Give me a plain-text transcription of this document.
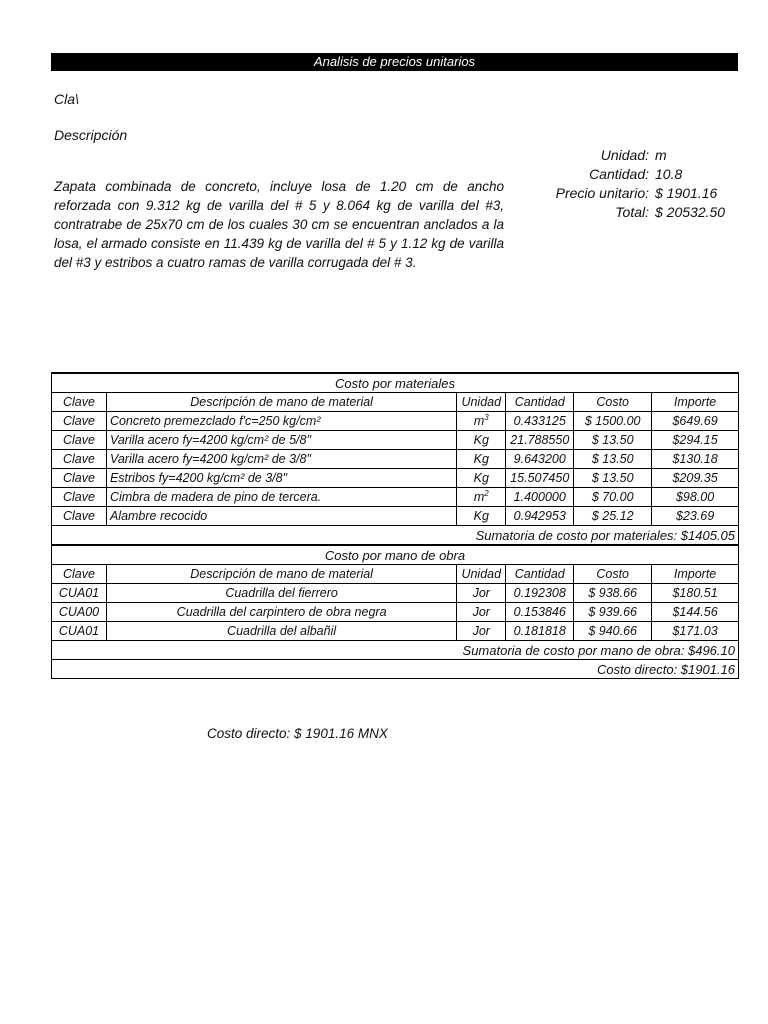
Analisis de precios unitarios
Cla\
Descripción
Zapata combinada de concreto, incluye losa de 1.20 cm de ancho reforzada con 9.312 kg de varilla del # 5 y 8.064 kg de varilla del #3, contratrabe de 25x70 cm de los cuales 30 cm se encuentran anclados a la losa, el armado consiste en 11.439 kg de varilla del # 5 y 1.12 kg de varilla del #3 y estribos a cuatro ramas de varilla corrugada del # 3.
Unidad: m
Cantidad: 10.8
Precio unitario: $ 1901.16
Total: $ 20532.50
Costo por materiales					
Clave	Descripción de mano de material	Unidad	Cantidad	Costo	Importe
Clave	Concreto premezclado f'c=250 kg/cm²	$m^3$	0.433125	$ 1500.00	$649.69
Clave	Varilla acero fy=4200 kg/cm² de 5/8"	Kg	21.788550	$ 13.50	$294.15
Clave	Varilla acero fy=4200 kg/cm² de 3/8"	Kg	9.643200	$ 13.50	$130.18
Clave	Estribos fy=4200 kg/cm² de 3/8"	Kg	15.507450	$ 13.50	$209.35
Clave	Cimbra de madera de pino de tercera.	$m^2$	1.400000	$ 70.00	$98.00
Clave	Alambre recocido	Kg	0.942953	$ 25.12	$23.69
Sumatoria de costo por materiales: $1405.05					
Costo por mano de obra					
Clave	Descripción de mano de material	Unidad	Cantidad	Costo	Importe
CUA01	Cuadrilla del fierrero	Jor	0.192308	$ 938.66	$180.51
CUA00	Cuadrilla del carpintero de obra negra	Jor	0.153846	$ 939.66	$144.56
CUA01	Cuadrilla del albañil	Jor	0.181818	$ 940.66	$171.03
Sumatoria de costo por mano de obra: $496.10					
Costo directo: $1901.16					
Costo directo: $ 1901.16 MNX
